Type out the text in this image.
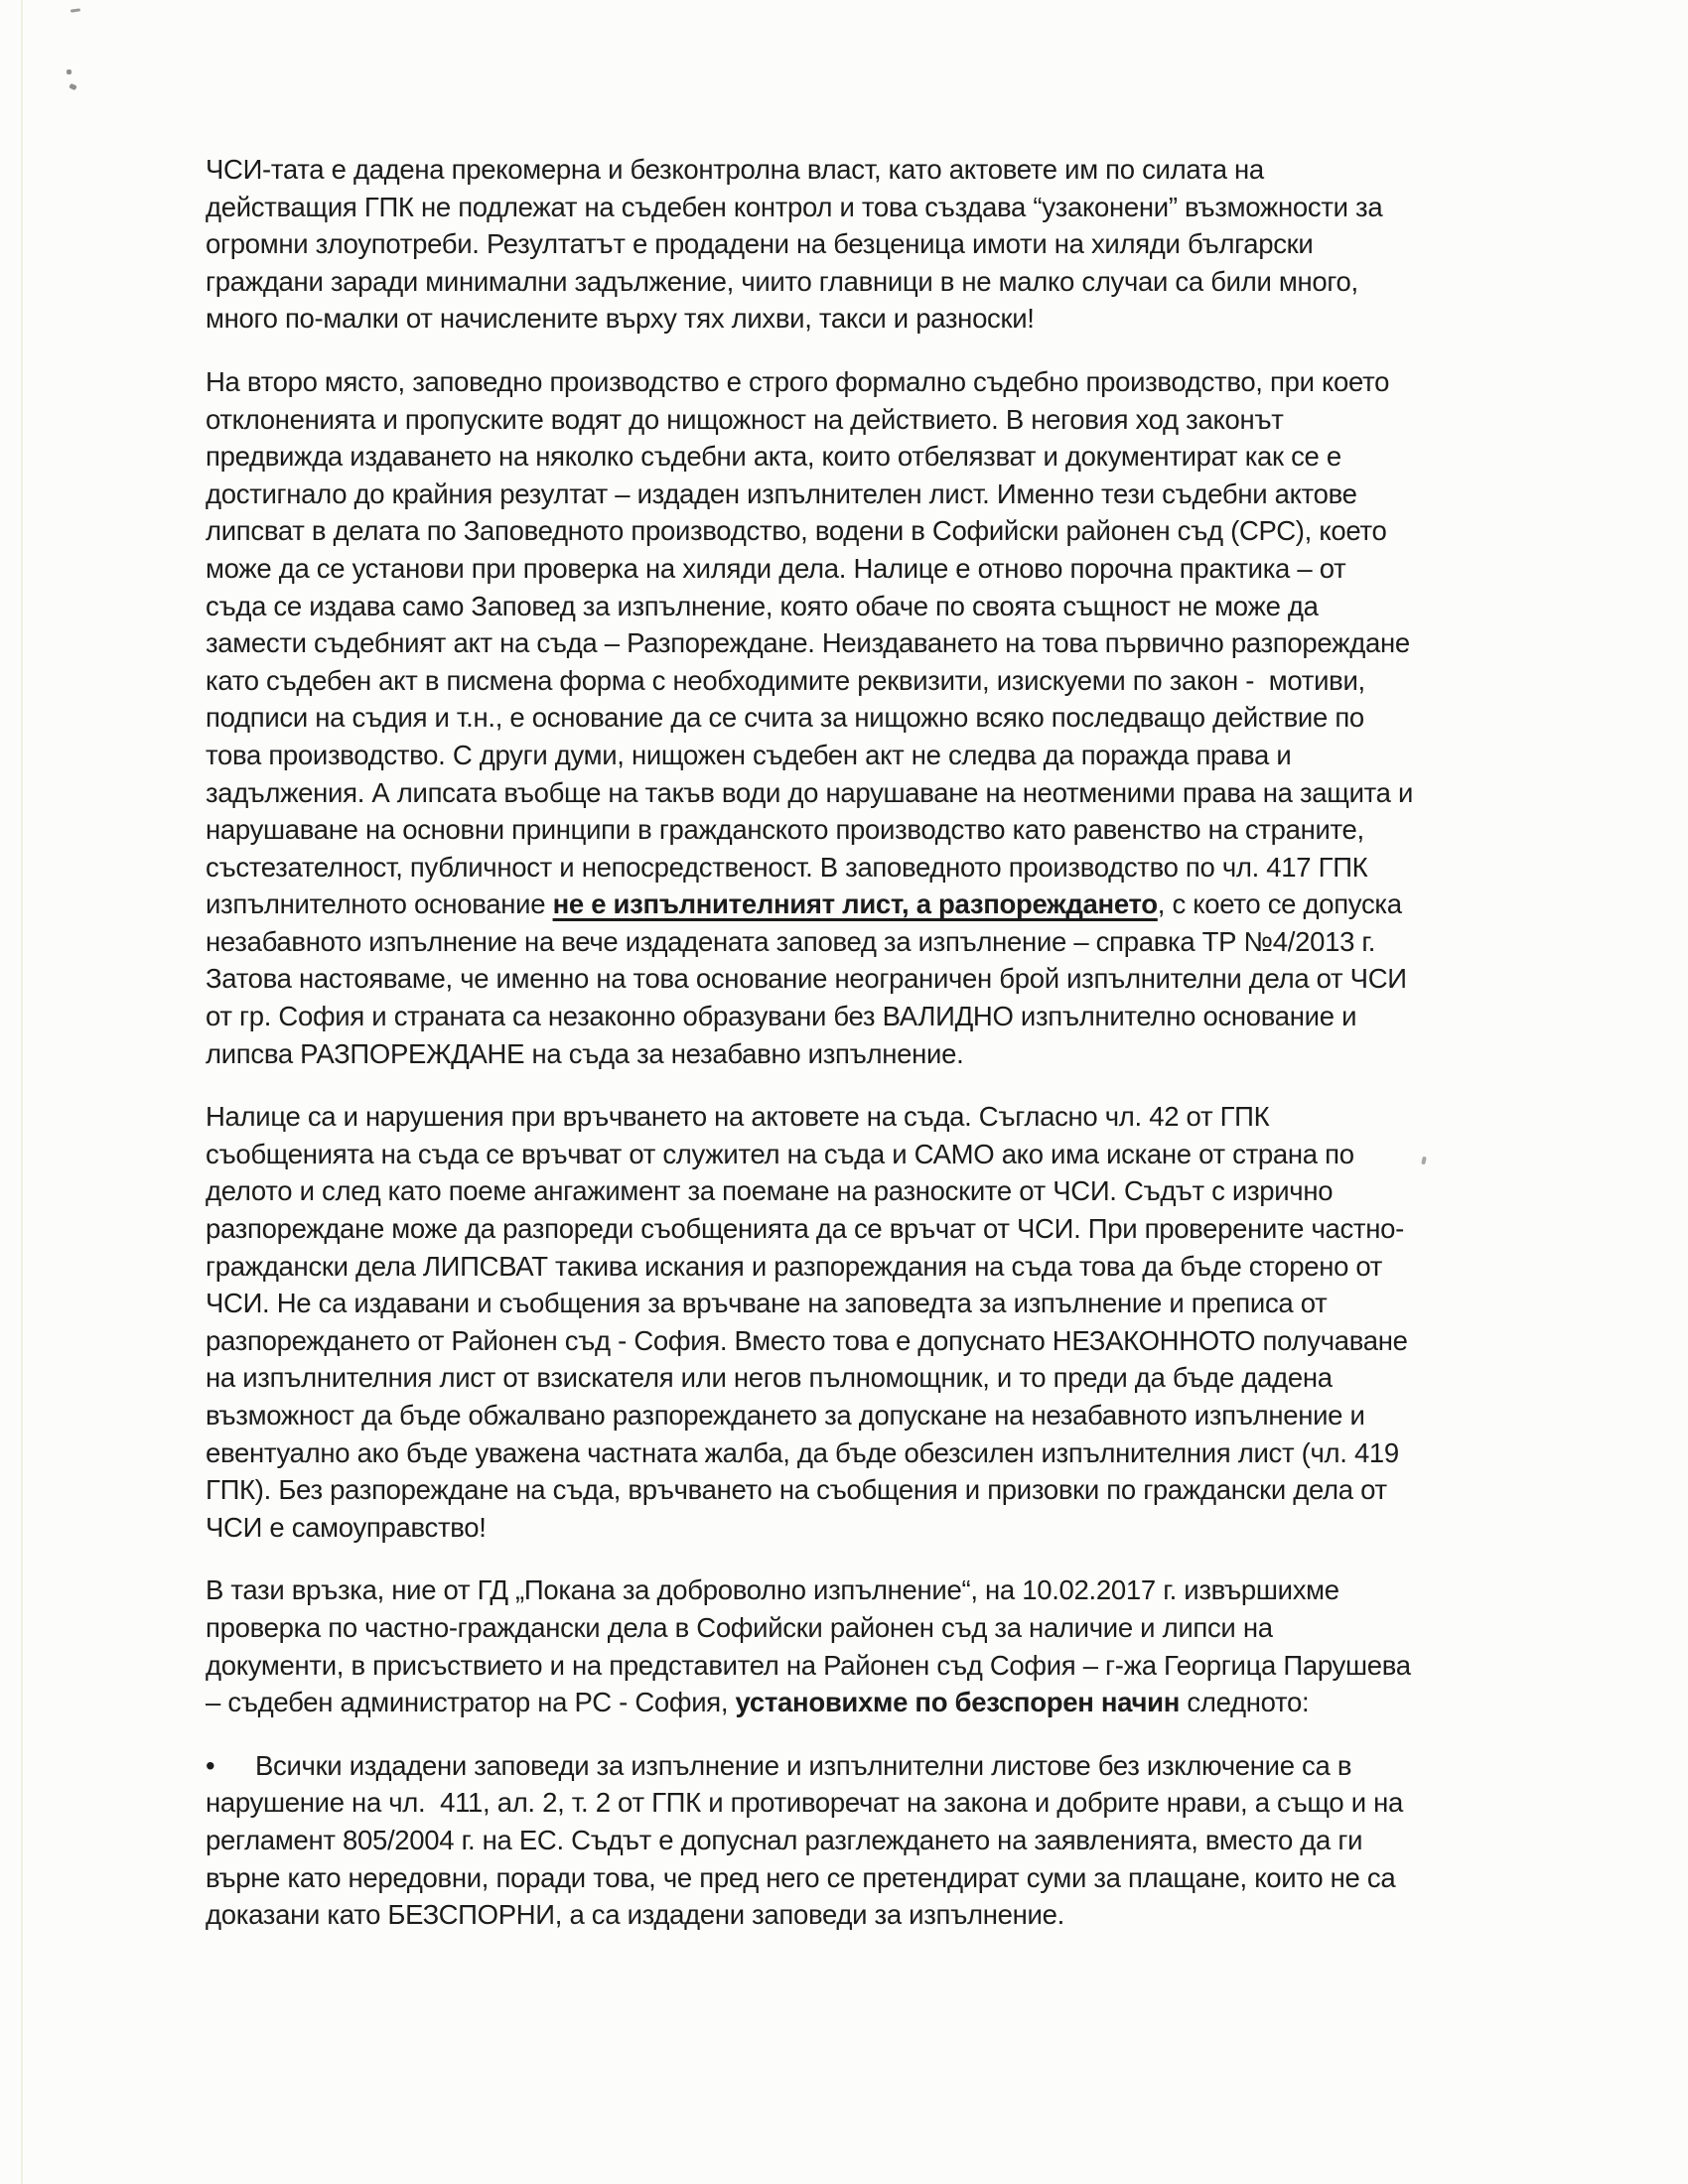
ЧСИ-тата е дадена прекомерна и безконтролна власт, като актовете им по силата на
действащия ГПК не подлежат на съдебен контрол и това създава “узаконени” възможности за
огромни злоупотреби. Резултатът е продадени на безценица имоти на хиляди български
граждани заради минимални задължение, чиито главници в не малко случаи са били много,
много по-малки от начислените върху тях лихви, такси и разноски!
На второ място, заповедно производство е строго формално съдебно производство, при което
отклоненията и пропуските водят до нищожност на действието. В неговия ход законът
предвижда издаването на няколко съдебни акта, които отбелязват и документират как се е
достигнало до крайния резултат – издаден изпълнителен лист. Именно тези съдебни актове
липсват в делата по Заповедното производство, водени в Софийски районен съд (СРС), което
може да се установи при проверка на хиляди дела. Налице е отново порочна практика – от
съда се издава само Заповед за изпълнение, която обаче по своята същност не може да
замести съдебният акт на съда – Разпореждане. Неиздаването на това първично разпореждане
като съдебен акт в писмена форма с необходимите реквизити, изискуеми по закон -  мотиви,
подписи на съдия и т.н., е основание да се счита за нищожно всяко последващо действие по
това производство. С други думи, нищожен съдебен акт не следва да поражда права и
задължения. А липсата въобще на такъв води до нарушаване на неотменими права на защита и
нарушаване на основни принципи в гражданското производство като равенство на страните,
състезателност, публичност и непосредственост. В заповедното производство по чл. 417 ГПК
изпълнителното основание не е изпълнителният лист, а разпореждането, с което се допуска
незабавното изпълнение на вече издадената заповед за изпълнение – справка ТР №4/2013 г.
Затова настояваме, че именно на това основание неограничен брой изпълнителни дела от ЧСИ
от гр. София и страната са незаконно образувани без ВАЛИДНО изпълнително основание и
липсва РАЗПОРЕЖДАНЕ на съда за незабавно изпълнение.
Налице са и нарушения при връчването на актовете на съда. Съгласно чл. 42 от ГПК
съобщенията на съда се връчват от служител на съда и САМО ако има искане от страна по
делото и след като поеме ангажимент за поемане на разноските от ЧСИ. Съдът с изрично
разпореждане може да разпореди съобщенията да се връчат от ЧСИ. При проверените частно-
граждански дела ЛИПСВАТ такива искания и разпореждания на съда това да бъде сторено от
ЧСИ. Не са издавани и съобщения за връчване на заповедта за изпълнение и преписа от
разпореждането от Районен съд - София. Вместо това е допуснато НЕЗАКОННОТО получаване
на изпълнителния лист от взискателя или негов пълномощник, и то преди да бъде дадена
възможност да бъде обжалвано разпореждането за допускане на незабавното изпълнение и
евентуално ако бъде уважена частната жалба, да бъде обезсилен изпълнителния лист (чл. 419
ГПК). Без разпореждане на съда, връчването на съобщения и призовки по граждански дела от
ЧСИ е самоуправство!
В тази връзка, ние от ГД „Покана за доброволно изпълнение“, на 10.02.2017 г. извършихме
проверка по частно-граждански дела в Софийски районен съд за наличие и липси на
документи, в присъствието и на представител на Районен съд София – г-жа Георгица Парушева
– съдебен администратор на РС - София, установихме по безспорен начин следното:
• Всички издадени заповеди за изпълнение и изпълнителни листове без изключение са в
нарушение на чл.  411, ал. 2, т. 2 от ГПК и противоречат на закона и добрите нрави, а също и на
регламент 805/2004 г. на ЕС. Съдът е допуснал разглеждането на заявленията, вместо да ги
върне като нередовни, поради това, че пред него се претендират суми за плащане, които не са
доказани като БЕЗСПОРНИ, а са издадени заповеди за изпълнение.
